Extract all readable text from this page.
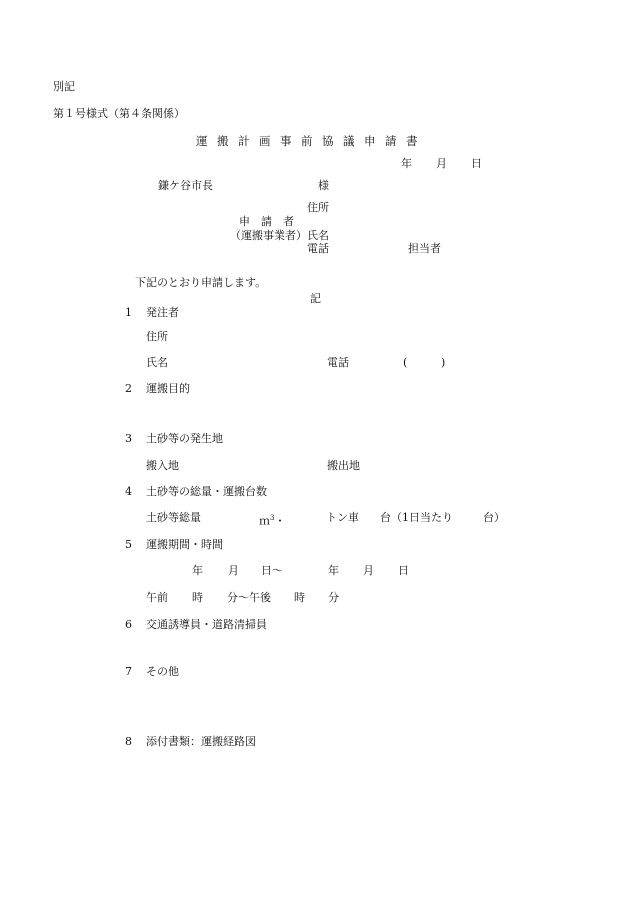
別記
第１号様式（第４条関係）
運搬計画事前協議申請書
年 月 日
鎌ケ谷市長	様
住所
申　請　者
（運搬事業者） 氏名
電話	担当者
下記のとおり申請します。
記
1 発注者
住所
氏名	電話	(	)
2 運搬目的
3 土砂等の発生地
搬入地	搬出地
4 土砂等の総量・運搬台数
土砂等総量	ｍ$^3$・	トン車 台（1日当たり	台）
5 運搬期間・時間
年 月 日～	年 月 日
午前 時 分～午後 時 分
6 交通誘導員・道路清掃員
7 その他
8 添付書類：運搬経路図
